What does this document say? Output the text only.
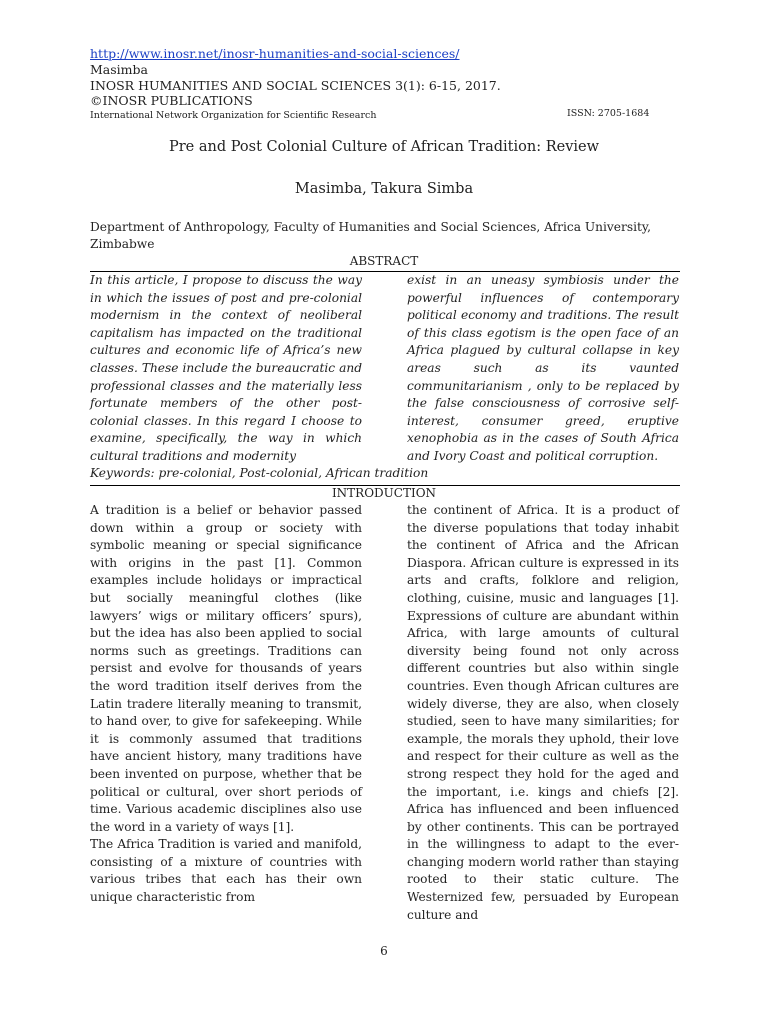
http://www.inosr.net/inosr-humanities-and-social-sciences/
Masimba
INOSR HUMANITIES AND SOCIAL SCIENCES 3(1): 6-15, 2017.
©INOSR PUBLICATIONS
International Network Organization for Scientific Research	ISSN: 2705-1684
Pre and Post Colonial Culture of African Tradition: Review
Masimba, Takura Simba
Department of Anthropology, Faculty of Humanities and Social Sciences, Africa University, Zimbabwe
ABSTRACT

In this article, I propose to discuss the way in which the issues of post and pre-colonial modernism in the context of neoliberal capitalism has impacted on the traditional cultures and economic life of Africa’s new classes. These include the bureaucratic and professional classes and the materially less fortunate members of the other post-colonial classes. In this regard I choose to examine, specifically, the way in which cultural traditions and modernity

exist in an uneasy symbiosis under the powerful influences of contemporary political economy and traditions. The result of this class egotism is the open face of an Africa plagued by cultural collapse in key areas such as its vaunted communitarianism , only to be replaced by the false consciousness of corrosive self-interest, consumer greed, eruptive xenophobia as in the cases of South Africa and Ivory Coast and political corruption.

Keywords: pre-colonial, Post-colonial, African tradition
INTRODUCTION

A tradition is a belief or behavior passed down within a group or society with symbolic meaning or special significance with origins in the past [1]. Common examples include holidays or impractical but socially meaningful clothes (like lawyers’ wigs or military officers’ spurs), but the idea has also been applied to social norms such as greetings. Traditions can persist and evolve for thousands of years the word tradition itself derives from the Latin tradere literally meaning to transmit, to hand over, to give for safekeeping. While it is commonly assumed that traditions have ancient history, many traditions have been invented on purpose, whether that be political or cultural, over short periods of time. Various academic disciplines also use the word in a variety of ways [1].

The Africa Tradition is varied and manifold, consisting of a mixture of countries with various tribes that each has their own unique characteristic from

the continent of Africa. It is a product of the diverse populations that today inhabit the continent of Africa and the African Diaspora. African culture is expressed in its arts and crafts, folklore and religion, clothing, cuisine, music and languages [1]. Expressions of culture are abundant within Africa, with large amounts of cultural diversity being found not only across different countries but also within single countries. Even though African cultures are widely diverse, they are also, when closely studied, seen to have many similarities; for example, the morals they uphold, their love and respect for their culture as well as the strong respect they hold for the aged and the important, i.e. kings and chiefs [2]. Africa has influenced and been influenced by other continents. This can be portrayed in the willingness to adapt to the ever-changing modern world rather than staying rooted to their static culture. The Westernized few, persuaded by European culture and

6
